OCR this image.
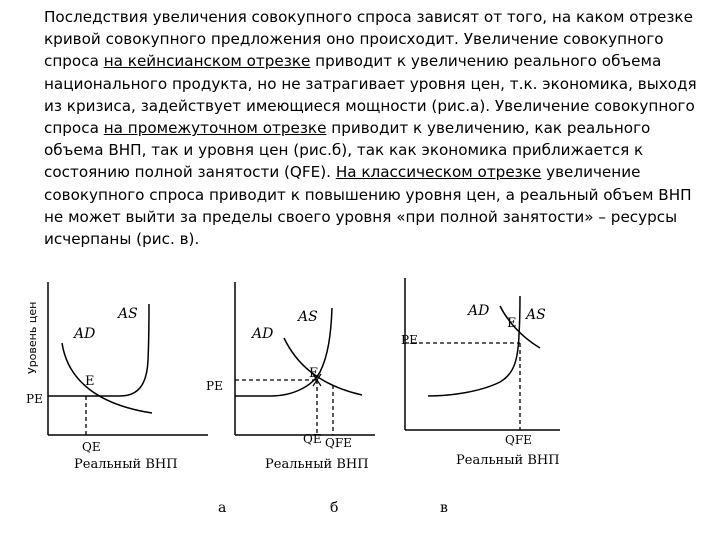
Последствия увеличения совокупного спроса зависят от того, на каком отрезке кривой совокупного предложения оно происходит. Увеличение совокупного спроса на кейнсианском отрезке приводит к увеличению реального объема национального продукта, но не затрагивает уровня цен, т.к. экономика, выходя из кризиса, задействует имеющиеся мощности (рис.а). Увеличение совокупного спроса на промежуточном отрезке приводит к увеличению, как реального объема ВНП, так и уровня цен (рис.б), так как экономика приближается к состоянию полной занятости (QFE). На классическом отрезке увеличение совокупного спроса приводит к повышению уровня цен, а реальный объем ВНП не может выйти за пределы своего уровня «при полной занятости» – ресурсы исчерпаны (рис. в).

Уровень цен	AS
AD
E
PE
QE
Реальный ВНП
а
AS
AD
E
PE
QE QFE
Реальный ВНП
б
AS
AD
E
PE
QFE
Реальный ВНП
в
